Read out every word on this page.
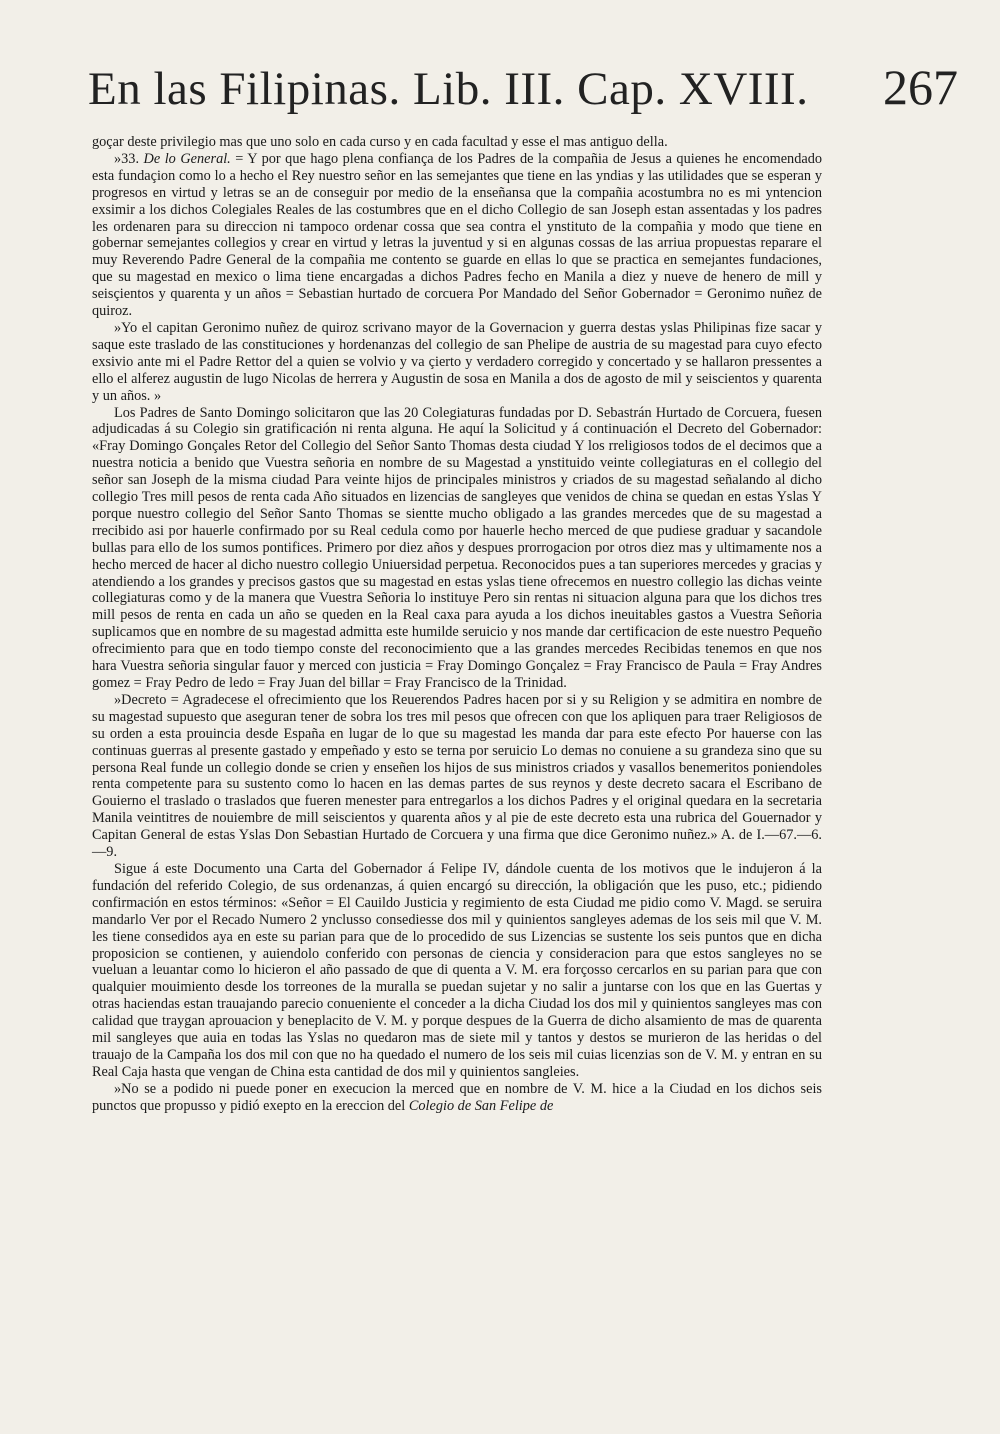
En las Filipinas. Lib. III. Cap. XVIII. 267

goçar deste privilegio mas que uno solo en cada curso y en cada facultad y esse el mas antiguo della.

»33. De lo General. = Y por que hago plena confiança de los Padres de la compañia de Jesus a quienes he encomendado esta fundaçion como lo a hecho el Rey nuestro señor en las semejantes que tiene en las yndias y las utilidades que se esperan y progresos en virtud y letras se an de conseguir por medio de la enseñansa que la compañia acostumbra no es mi yntencion exsimir a los dichos Colegiales Reales de las costumbres que en el dicho Collegio de san Joseph estan assentadas y los padres les ordenaren para su direccion ni tampoco ordenar cossa que sea contra el ynstituto de la compañia y modo que tiene en gobernar semejantes collegios y crear en virtud y letras la juventud y si en algunas cossas de las arriua propuestas reparare el muy Reverendo Padre General de la compañia me contento se guarde en ellas lo que se practica en semejantes fundaciones, que su magestad en mexico o lima tiene encargadas a dichos Padres fecho en Manila a diez y nueve de henero de mill y seisçientos y quarenta y un años = Sebastian hurtado de corcuera Por Mandado del Señor Gobernador = Geronimo nuñez de quiroz.

»Yo el capitan Geronimo nuñez de quiroz scrivano mayor de la Governacion y guerra destas yslas Philipinas fize sacar y saque este traslado de las constituciones y hordenanzas del collegio de san Phelipe de austria de su magestad para cuyo efecto exsivio ante mi el Padre Rettor del a quien se volvio y va çierto y verdadero corregido y concertado y se hallaron pressentes a ello el alferez augustin de lugo Nicolas de herrera y Augustin de sosa en Manila a dos de agosto de mil y seiscientos y quarenta y un años. »

Los Padres de Santo Domingo solicitaron que las 20 Colegiaturas fundadas por D. Sebastrán Hurtado de Corcuera, fuesen adjudicadas á su Colegio sin gratificación ni renta alguna. He aquí la Solicitud y á continuación el Decreto del Gobernador: «Fray Domingo Gonçales Retor del Collegio del Señor Santo Thomas desta ciudad Y los rreligiosos todos de el decimos que a nuestra noticia a benido que Vuestra señoria en nombre de su Magestad a ynstituido veinte collegiaturas en el collegio del señor san Joseph de la misma ciudad Para veinte hijos de principales ministros y criados de su magestad señalando al dicho collegio Tres mill pesos de renta cada Año situados en lizencias de sangleyes que venidos de china se quedan en estas Yslas Y porque nuestro collegio del Señor Santo Thomas se sientte mucho obligado a las grandes mercedes que de su magestad a rrecibido asi por hauerle confirmado por su Real cedula como por hauerle hecho merced de que pudiese graduar y sacandole bullas para ello de los sumos pontifices. Primero por diez años y despues prorrogacion por otros diez mas y ultimamente nos a hecho merced de hacer al dicho nuestro collegio Uniuersidad perpetua. Reconocidos pues a tan superiores mercedes y gracias y atendiendo a los grandes y precisos gastos que su magestad en estas yslas tiene ofrecemos en nuestro collegio las dichas veinte collegiaturas como y de la manera que Vuestra Señoria lo instituye Pero sin rentas ni situacion alguna para que los dichos tres mill pesos de renta en cada un año se queden en la Real caxa para ayuda a los dichos ineuitables gastos a Vuestra Señoria suplicamos que en nombre de su magestad admitta este humilde seruicio y nos mande dar certificacion de este nuestro Pequeño ofrecimiento para que en todo tiempo conste del reconocimiento que a las grandes mercedes Recibidas tenemos en que nos hara Vuestra señoria singular fauor y merced con justicia = Fray Domingo Gonçalez = Fray Francisco de Paula = Fray Andres gomez = Fray Pedro de ledo = Fray Juan del billar = Fray Francisco de la Trinidad.

»Decreto = Agradecese el ofrecimiento que los Reuerendos Padres hacen por si y su Religion y se admitira en nombre de su magestad supuesto que aseguran tener de sobra los tres mil pesos que ofrecen con que los apliquen para traer Religiosos de su orden a esta prouincia desde España en lugar de lo que su magestad les manda dar para este efecto Por hauerse con las continuas guerras al presente gastado y empeñado y esto se terna por seruicio Lo demas no conuiene a su grandeza sino que su persona Real funde un collegio donde se crien y enseñen los hijos de sus ministros criados y vasallos benemeritos poniendoles renta competente para su sustento como lo hacen en las demas partes de sus reynos y deste decreto sacara el Escribano de Gouierno el traslado o traslados que fueren menester para entregarlos a los dichos Padres y el original quedara en la secretaria Manila veintitres de nouiembre de mill seiscientos y quarenta años y al pie de este decreto esta una rubrica del Gouernador y Capitan General de estas Yslas Don Sebastian Hurtado de Corcuera y una firma que dice Geronimo nuñez.» A. de I.—67.—6.—9.

Sigue á este Documento una Carta del Gobernador á Felipe IV, dándole cuenta de los motivos que le indujeron á la fundación del referido Colegio, de sus ordenanzas, á quien encargó su dirección, la obligación que les puso, etc.; pidiendo confirmación en estos términos: «Señor = El Cauildo Justicia y regimiento de esta Ciudad me pidio como V. Magd. se seruira mandarlo Ver por el Recado Numero 2 ynclusso consediesse dos mil y quinientos sangleyes ademas de los seis mil que V. M. les tiene consedidos aya en este su parian para que de lo procedido de sus Lizencias se sustente los seis puntos que en dicha proposicion se contienen, y auiendolo conferido con personas de ciencia y consideracion para que estos sangleyes no se vueluan a leuantar como lo hicieron el año passado de que di quenta a V. M. era forçosso cercarlos en su parian para que con qualquier mouimiento desde los torreones de la muralla se puedan sujetar y no salir a juntarse con los que en las Guertas y otras haciendas estan trauajando parecio conueniente el conceder a la dicha Ciudad los dos mil y quinientos sangleyes mas con calidad que traygan aprouacion y beneplacito de V. M. y porque despues de la Guerra de dicho alsamiento de mas de quarenta mil sangleyes que auia en todas las Yslas no quedaron mas de siete mil y tantos y destos se murieron de las heridas o del trauajo de la Campaña los dos mil con que no ha quedado el numero de los seis mil cuias licenzias son de V. M. y entran en su Real Caja hasta que vengan de China esta cantidad de dos mil y quinientos sangleies.

»No se a podido ni puede poner en execucion la merced que en nombre de V. M. hice a la Ciudad en los dichos seis punctos que propusso y pidió exepto en la ereccion del Colegio de San Felipe de
